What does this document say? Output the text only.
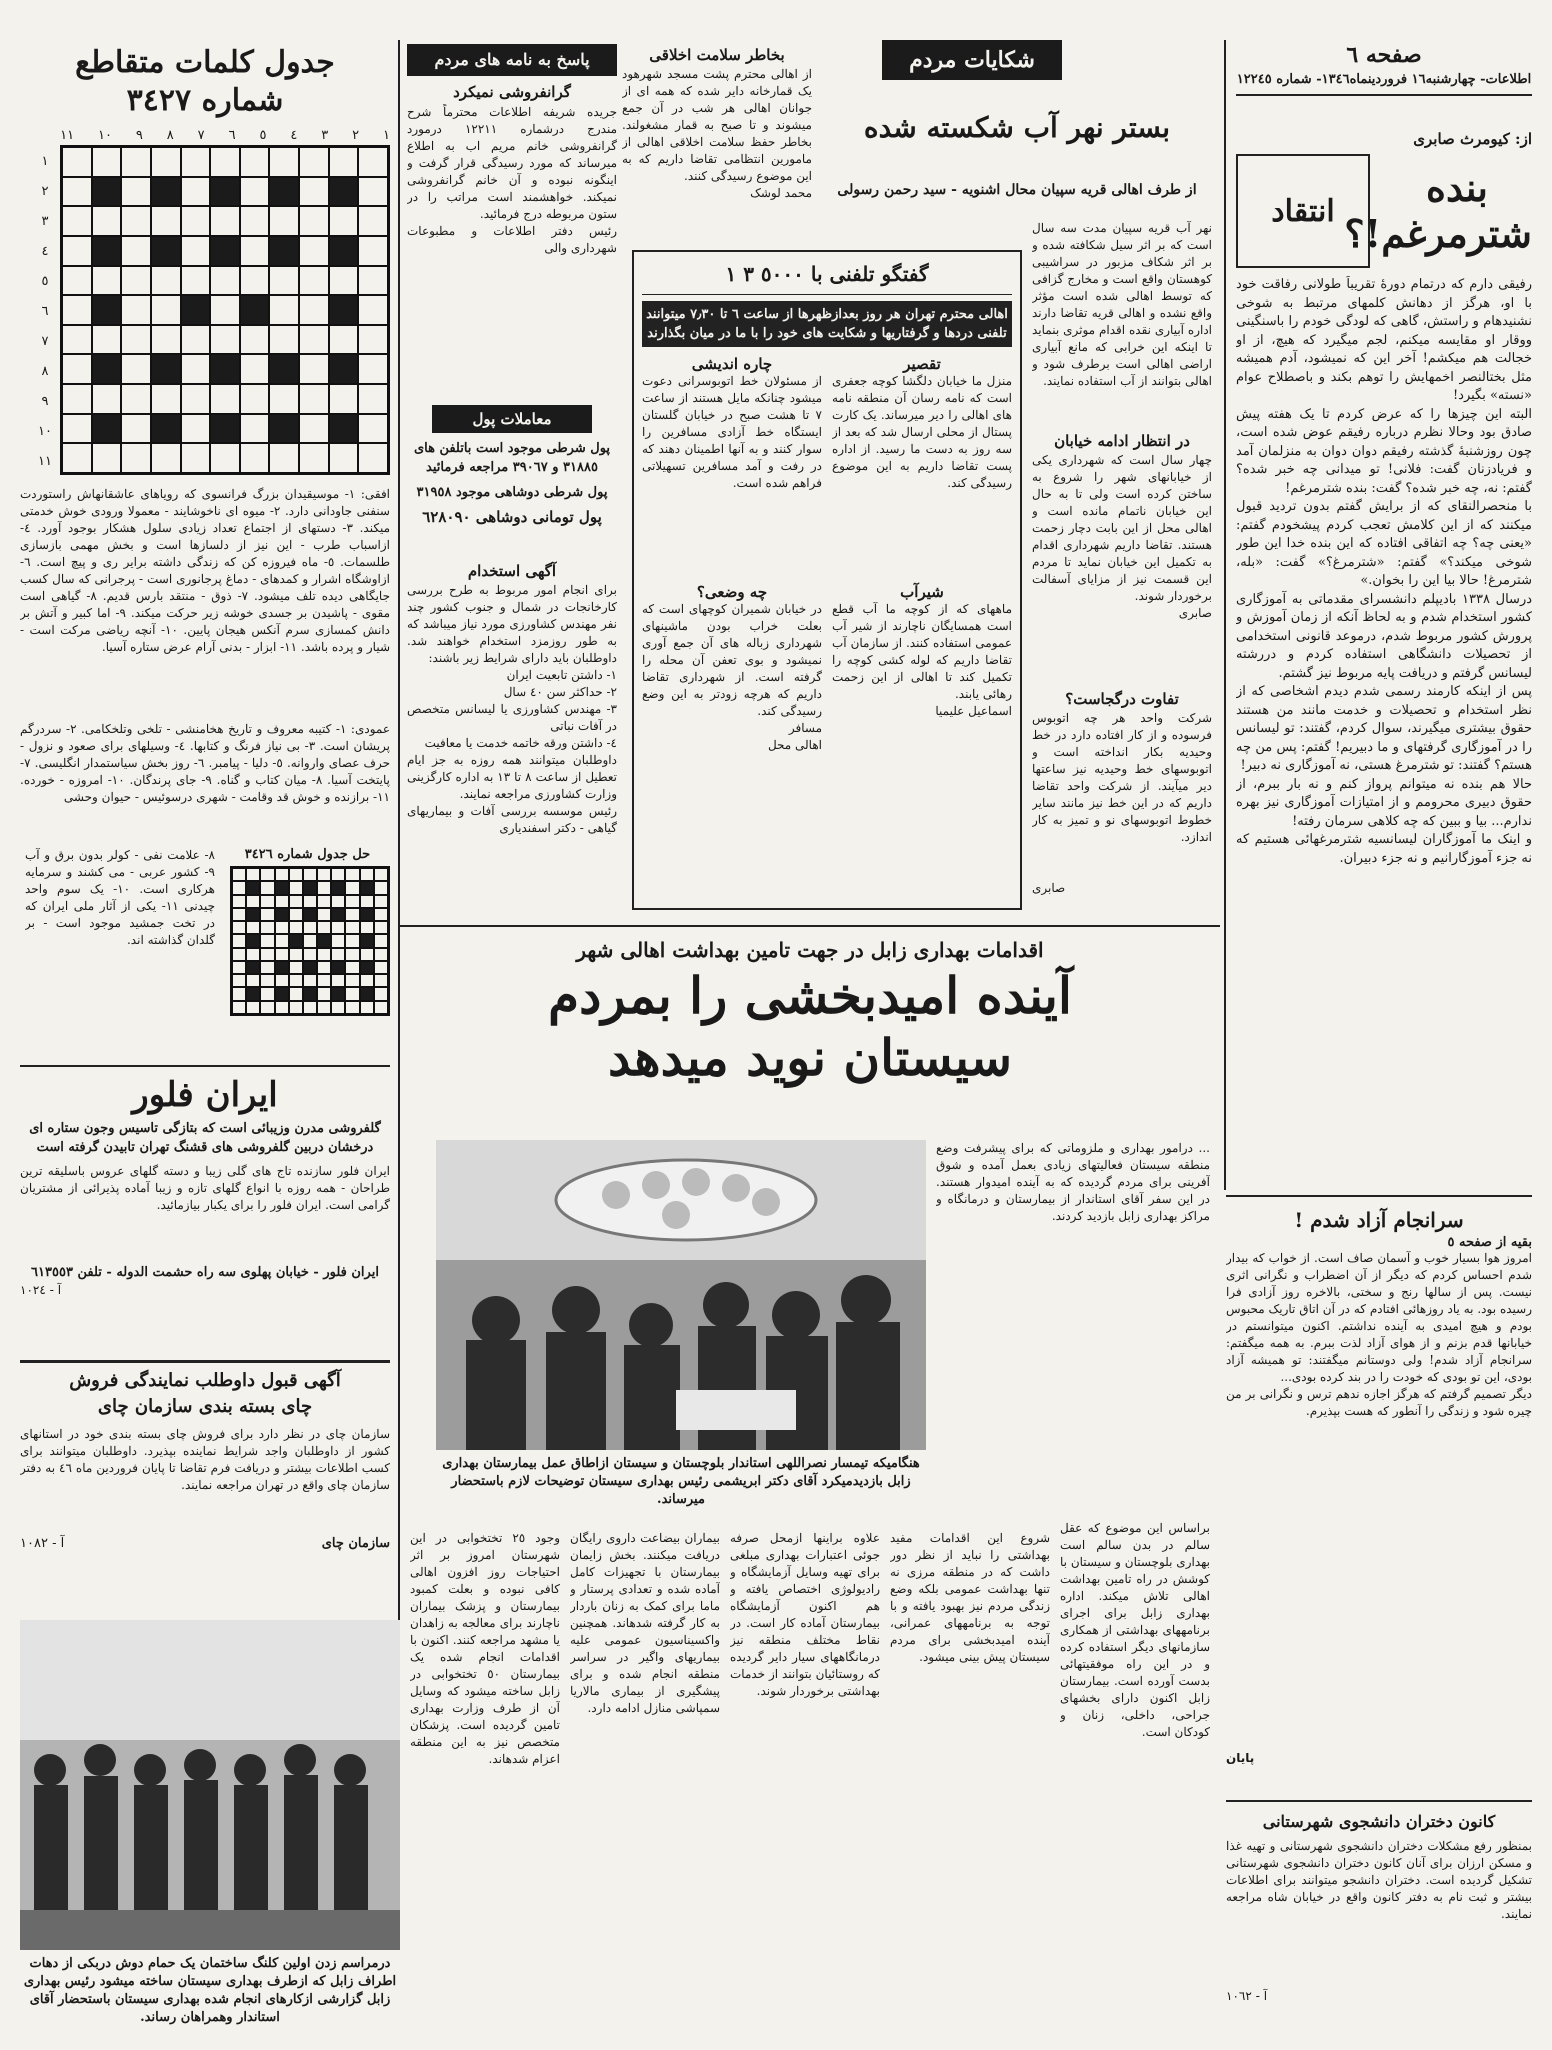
صفحه ٦
اطلاعات- چهارشنبه١٦ فروردینماه١٣٤٦- شماره ١٢٢٤٥
از: کیومرث صابری
بنده شترمرغم!؟
انتقاد
رفیقی دارم که درتمام دورهٔ تقریباً طولانی رفاقت خود با او، هرگز از دهانش کلمهای مرتبط به شوخی نشنیدهام و راستش، گاهی که لودگی خودم را باسنگینی ووقار او مقایسه میکنم، لجم میگیرد که هیچ، از او خجالت هم میکشم! آخر این که نمیشود، آدم همیشه مثل بختالنصر اخمهایش را توهم بکند و باصطلاح عوام «نسته» بگیرد!
البته این چیزها را که عرض کردم تا یک هفته پیش صادق بود وحالا نظرم درباره رفیقم عوض شده است، چون روزشنبهٔ گذشته رفیقم دوان دوان به منزلمان آمد و فریادزنان گفت: فلانی! تو میدانی چه خبر شده؟ گفتم: نه، چه خبر شده؟ گفت: بنده شترمرغم!
با منحصرالنقای که از برایش گفتم بدون تردید قبول میکنند که از این کلامش تعجب کردم پیشخودم گفتم: «یعنی چه؟ چه اتفاقی افتاده که این بنده خدا این طور شوخی میکند؟» گفتم: «شترمرغ؟» گفت: «بله، شترمرغ! حالا بیا این را بخوان.»
درسال ١٣٣٨ بادیپلم دانشسرای مقدماتی به آموزگاری کشور استخدام شدم و به لحاظ آنکه از زمان آموزش و پرورش کشور مربوط شدم، درموعد قانونی استخدامی از تحصیلات دانشگاهی استفاده کردم و دررشته لیسانس گرفتم و دریافت پایه مربوط نیز گشتم.
پس از اینکه کارمند رسمی شدم دیدم اشخاصی که از نظر استخدام و تحصیلات و خدمت مانند من هستند حقوق بیشتری میگیرند، سوال کردم، گفتند: تو لیسانس را در آموزگاری گرفتهای و ما دبیریم! گفتم: پس من چه هستم؟ گفتند: تو شترمرغ هستی، نه آموزگاری نه دبیر!
حالا هم بنده نه میتوانم پرواز کنم و نه بار ببرم، از حقوق دبیری محرومم و از امتیازات آموزگاری نیز بهره ندارم... بیا و ببین که چه کلاهی سرمان رفته!
و اینک ما آموزگاران لیسانسیه شترمرغهائی هستیم که نه جزء آموزگارانیم و نه جزء دبیران.
شکایات مردم
بستر نهر آب شکسته شده
از طرف اهالی قریه سپیان محال اشنویه - سید رحمن رسولی
نهر آب قریه سپیان مدت سه سال است که بر اثر سیل شکافته شده و بر اثر شکاف مزبور در سراشیبی کوهستان واقع است و مخارج گزافی که توسط اهالی شده است مؤثر واقع نشده و اهالی قریه تقاضا دارند اداره آبیاری نقده اقدام موثری بنماید تا اینکه این خرابی که مانع آبیاری اراضی اهالی است برطرف شود و اهالی بتوانند از آب استفاده نمایند.
گفتگو تلفنی با ٥٠٠٠ ٣ ١
اهالی محترم تهران هر روز بعدازظهرها از ساعت ٦ تا ٧٫٣٠ میتوانند تلفنی دردها و گرفتاریها و شکایت های خود را با ما در میان بگذارند
تقصیر
منزل ما خیابان دلگشا کوچه جعفری است که نامه رسان آن منطقه نامه های اهالی را دیر میرساند. یک کارت پستال از محلی ارسال شد که بعد از سه روز به دست ما رسید. از اداره پست تقاضا داریم به این موضوع رسیدگی کند.
چاره اندیشی
از مسئولان خط اتوبوسرانی دعوت میشود چنانکه مایل هستند از ساعت ٧ تا هشت صبح در خیابان گلستان ایستگاه خط آزادی مسافرین را سوار کنند و به آنها اطمینان دهند که در رفت و آمد مسافرین تسهیلاتی فراهم شده است.
شیرآب
ماههای که از کوچه ما آب قطع است همسایگان ناچارند از شیر آب عمومی استفاده کنند. از سازمان آب تقاضا داریم که لوله کشی کوچه را تکمیل کند تا اهالی از این زحمت رهائی یابند.
اسماعیل علیمیا
چه وضعی؟
در خیابان شمیران کوچهای است که بعلت خراب بودن ماشینهای شهرداری زباله های آن جمع آوری نمیشود و بوی تعفن آن محله را گرفته است. از شهرداری تقاضا داریم که هرچه زودتر به این وضع رسیدگی کند.
مسافر
اهالی محل
در انتظار ادامه خیابان
چهار سال است که شهرداری یکی از خیابانهای شهر را شروع به ساختن کرده است ولی تا به حال این خیابان ناتمام مانده است و اهالی محل از این بابت دچار زحمت هستند. تقاضا داریم شهرداری اقدام به تکمیل این خیابان نماید تا مردم این قسمت نیز از مزایای آسفالت برخوردار شوند.
صابری
تفاوت درگجاست؟
شرکت واحد هر چه اتوبوس فرسوده و از کار افتاده دارد در خط وحیدیه بکار انداخته است و اتوبوسهای خط وحیدیه نیز ساعتها دیر میآیند. از شرکت واحد تقاضا داریم که در این خط نیز مانند سایر خطوط اتوبوسهای نو و تمیز به کار اندازد.
صابری
بخاطر سلامت اخلاقی
از اهالی محترم پشت مسجد شهرهود یک قمارخانه دایر شده که همه ای از جوانان اهالی هر شب در آن جمع میشوند و تا صبح به قمار مشغولند. بخاطر حفظ سلامت اخلاقی اهالی از مامورین انتظامی تقاضا داریم که به این موضوع رسیدگی کنند.
محمد لوشک
پاسخ به نامه های مردم
گرانفروشی نمیکرد
جریده شریفه اطلاعات محترماً شرح مندرج درشماره ١٢٢١١ درمورد گرانفروشی خانم مریم اب به اطلاع میرساند که مورد رسیدگی قرار گرفت و اینگونه نبوده و آن خانم گرانفروشی نمیکند. خواهشمند است مراتب را در ستون مربوطه درج فرمائید.
رئیس دفتر اطلاعات و مطبوعات شهرداری والی
معاملات پول
پول شرطی موجود است باتلفن های ٣١٨٨٥ و ٣٩٠٦٧ مراجعه فرمائید
پول شرطی دوشاهی موجود ٣١٩٥٨
پول تومانی دوشاهی ٦٢٨٠٩٠
آگهی استخدام
برای انجام امور مربوط به طرح بررسی کارخانجات در شمال و جنوب کشور چند نفر مهندس کشاورزی مورد نیاز میباشد که به طور روزمزد استخدام خواهند شد. داوطلبان باید دارای شرایط زیر باشند:
١- داشتن تابعیت ایران
٢- حداکثر سن ٤٠ سال
٣- مهندس کشاورزی یا لیسانس متخصص در آفات نباتی
٤- داشتن ورقه خاتمه خدمت یا معافیت
داوطلبان میتوانند همه روزه به جز ایام تعطیل از ساعت ٨ تا ١٣ به اداره کارگزینی وزارت کشاورزی مراجعه نمایند.
رئیس موسسه بررسی آفات و بیماریهای گیاهی - دکتر اسفندیاری
جدول کلمات متقاطع
شماره ٣٤٢٧
١
٢
٣
٤
٥
٦
٧
٨
٩
١٠
١١
١
٢
٣
٤
٥
٦
٧
٨
٩
١٠
١١
افقی: ١- موسیقیدان بزرگ فرانسوی که رویاهای عاشقانهاش راستوردت سنفنی جاودانی دارد. ٢- میوه ای ناخوشایند - معمولا ورودی خوش خدمتی میکند. ٣- دستهای از اجتماع تعداد زیادی سلول هشکار بوجود آورد. ٤- ازاسباب طرب - این نیز از دلسازها است و بخش مهمی بازسازی طلسمات. ٥- ماه فیروزه کن که زندگی داشته برایر ری و پیچ است. ٦- ازاوشگاه اشرار و کمدهای - دماغ پرجانوری است - پرجرانی که سال کسب جایگاهی دیده تلف میشود. ٧- ذوق - منتقد بارس قدیم. ٨- گیاهی است مقوی - پاشیدن بر جسدی خوشه زیر حرکت میکند. ٩- اما کبیر و آتش بر دانش کمسازی سرم آنکس هیجان پایین. ١٠- آنچه ریاضی مرکت است - شیار و پرده باشد. ١١- ابزار - بدنی آرام عرض ستاره آسیا.
عمودی: ١- کتیبه معروف و تاریخ هخامنشی - تلخی وتلخکامی. ٢- سردرگم پریشان است. ٣- بی نیاز فرنگ و کتابها. ٤- وسیلهای برای صعود و نزول - حرف عصای واروانه. ٥- دلیا - پیامبر. ٦- روز بخش سیاستمدار انگلیسی. ٧- پایتخت آسیا. ٨- میان کتاب و گناه. ٩- جای پرندگان. ١٠- امروزه - خورده. ١١- برازنده و خوش قد وقامت - شهری درسوئیس - حیوان وحشی
حل جدول شماره ٣٤٢٦
٨- علامت نفی - کولر بدون برق و آب ٩- کشور عربی - می کشند و سرمایه هرکاری است. ١٠- یک سوم واحد چیدنی ١١- یکی از آثار ملی ایران که در تخت جمشید موجود است - بر گلدان گذاشته اند.
ایران فلور
گلفروشی مدرن وزیبائی است که بتازگی تاسیس وجون ستاره ای درخشان دربین گلفروشی های قشنگ تهران تابیدن گرفته است
ایران فلور سازنده تاج های گلی زیبا و دسته گلهای عروس باسلیقه ترین طراحان - همه روزه با انواع گلهای تازه و زیبا آماده پذیرائی از مشتریان گرامی است. ایران فلور را برای یکبار بیازمائید.
ایران فلور - خیابان پهلوی سه راه حشمت الدوله - تلفن ٦١٣٥٥٣
آ - ١٠٢٤
آگهی قبول داوطلب نمایندگی فروش
چای بسته بندی سازمان چای
سازمان چای در نظر دارد برای فروش چای بسته بندی خود در استانهای کشور از داوطلبان واجد شرایط نماینده بپذیرد. داوطلبان میتوانند برای کسب اطلاعات بیشتر و دریافت فرم تقاضا تا پایان فروردین ماه ٤٦ به دفتر سازمان چای واقع در تهران مراجعه نمایند.
سازمان چای
آ - ١٠٨٢
اقدامات بهداری زابل در جهت تامین بهداشت اهالی شهر
آینده امیدبخشی را بمردم
سیستان نوید میدهد
هنگامیکه تیمسار نصراللهی استاندار بلوچستان و سیستان ازاطاق عمل بیمارستان بهداری زابل بازدیدمیکرد آقای دکتر ابریشمی رئیس بهداری سیستان توضیحات لازم باستحضار میرساند.
... درامور بهداری و ملزوماتی که برای پیشرفت وضع منطقه سیستان فعالیتهای زیادی بعمل آمده و شوق آفرینی برای مردم گردیده که به آینده امیدوار هستند. در این سفر آقای استاندار از بیمارستان و درمانگاه و مراکز بهداری زابل بازدید کردند.
وجود ٢٥ تختخوابی در این شهرستان امروز بر اثر احتیاجات روز افزون اهالی کافی نبوده و بعلت کمبود بیمارستان و پزشک بیماران ناچارند برای معالجه به زاهدان یا مشهد مراجعه کنند. اکنون با اقدامات انجام شده یک بیمارستان ٥٠ تختخوابی در زابل ساخته میشود که وسایل آن از طرف وزارت بهداری تامین گردیده است. پزشکان متخصص نیز به این منطقه اعزام شدهاند.
بیماران بیضاعت داروی رایگان دریافت میکنند. بخش زایمان بیمارستان با تجهیزات کامل آماده شده و تعدادی پرستار و ماما برای کمک به زنان باردار به کار گرفته شدهاند. همچنین واکسیناسیون عمومی علیه بیماریهای واگیر در سراسر منطقه انجام شده و برای پیشگیری از بیماری مالاریا سمپاشی منازل ادامه دارد.
علاوه براینها ازمحل صرفه جوئی اعتبارات بهداری مبلغی برای تهیه وسایل آزمایشگاه و رادیولوژی اختصاص یافته و هم اکنون آزمایشگاه بیمارستان آماده کار است. در نقاط مختلف منطقه نیز درمانگاههای سیار دایر گردیده که روستائیان بتوانند از خدمات بهداشتی برخوردار شوند.
شروع این اقدامات مفید بهداشتی را نباید از نظر دور داشت که در منطقه مرزی نه تنها بهداشت عمومی بلکه وضع زندگی مردم نیز بهبود یافته و با توجه به برنامههای عمرانی، آینده امیدبخشی برای مردم سیستان پیش بینی میشود.
براساس این موضوع که عقل سالم در بدن سالم است بهداری بلوچستان و سیستان با کوشش در راه تامین بهداشت اهالی تلاش میکند. اداره بهداری زابل برای اجرای برنامههای بهداشتی از همکاری سازمانهای دیگر استفاده کرده و در این راه موفقیتهائی بدست آورده است. بیمارستان زابل اکنون دارای بخشهای جراحی، داخلی، زنان و کودکان است.
درمراسم زدن اولین کلنگ ساختمان یک حمام دوش دربکی از دهات اطراف زابل که ازطرف بهداری سیستان ساخته میشود رئیس بهداری زابل گزارشی ازکارهای انجام شده بهداری سیستان باستحضار آقای استاندار وهمراهان رساند.
سرانجام آزاد شدم !
بقیه از صفحه ٥
امروز هوا بسیار خوب و آسمان صاف است. از خواب که بیدار شدم احساس کردم که دیگر از آن اضطراب و نگرانی اثری نیست. پس از سالها رنج و سختی، بالاخره روز آزادی فرا رسیده بود. به یاد روزهائی افتادم که در آن اتاق تاریک محبوس بودم و هیچ امیدی به آینده نداشتم. اکنون میتوانستم در خیابانها قدم بزنم و از هوای آزاد لذت ببرم. به همه میگفتم: سرانجام آزاد شدم! ولی دوستانم میگفتند: تو همیشه آزاد بودی، این تو بودی که خودت را در بند کرده بودی...
دیگر تصمیم گرفتم که هرگز اجازه ندهم ترس و نگرانی بر من چیره شود و زندگی را آنطور که هست بپذیرم.
پایان
کانون دختران دانشجوی شهرستانی
بمنظور رفع مشکلات دختران دانشجوی شهرستانی و تهیه غذا و مسکن ارزان برای آنان کانون دختران دانشجوی شهرستانی تشکیل گردیده است. دختران دانشجو میتوانند برای اطلاعات بیشتر و ثبت نام به دفتر کانون واقع در خیابان شاه مراجعه نمایند.
آ - ١٠٦٢
